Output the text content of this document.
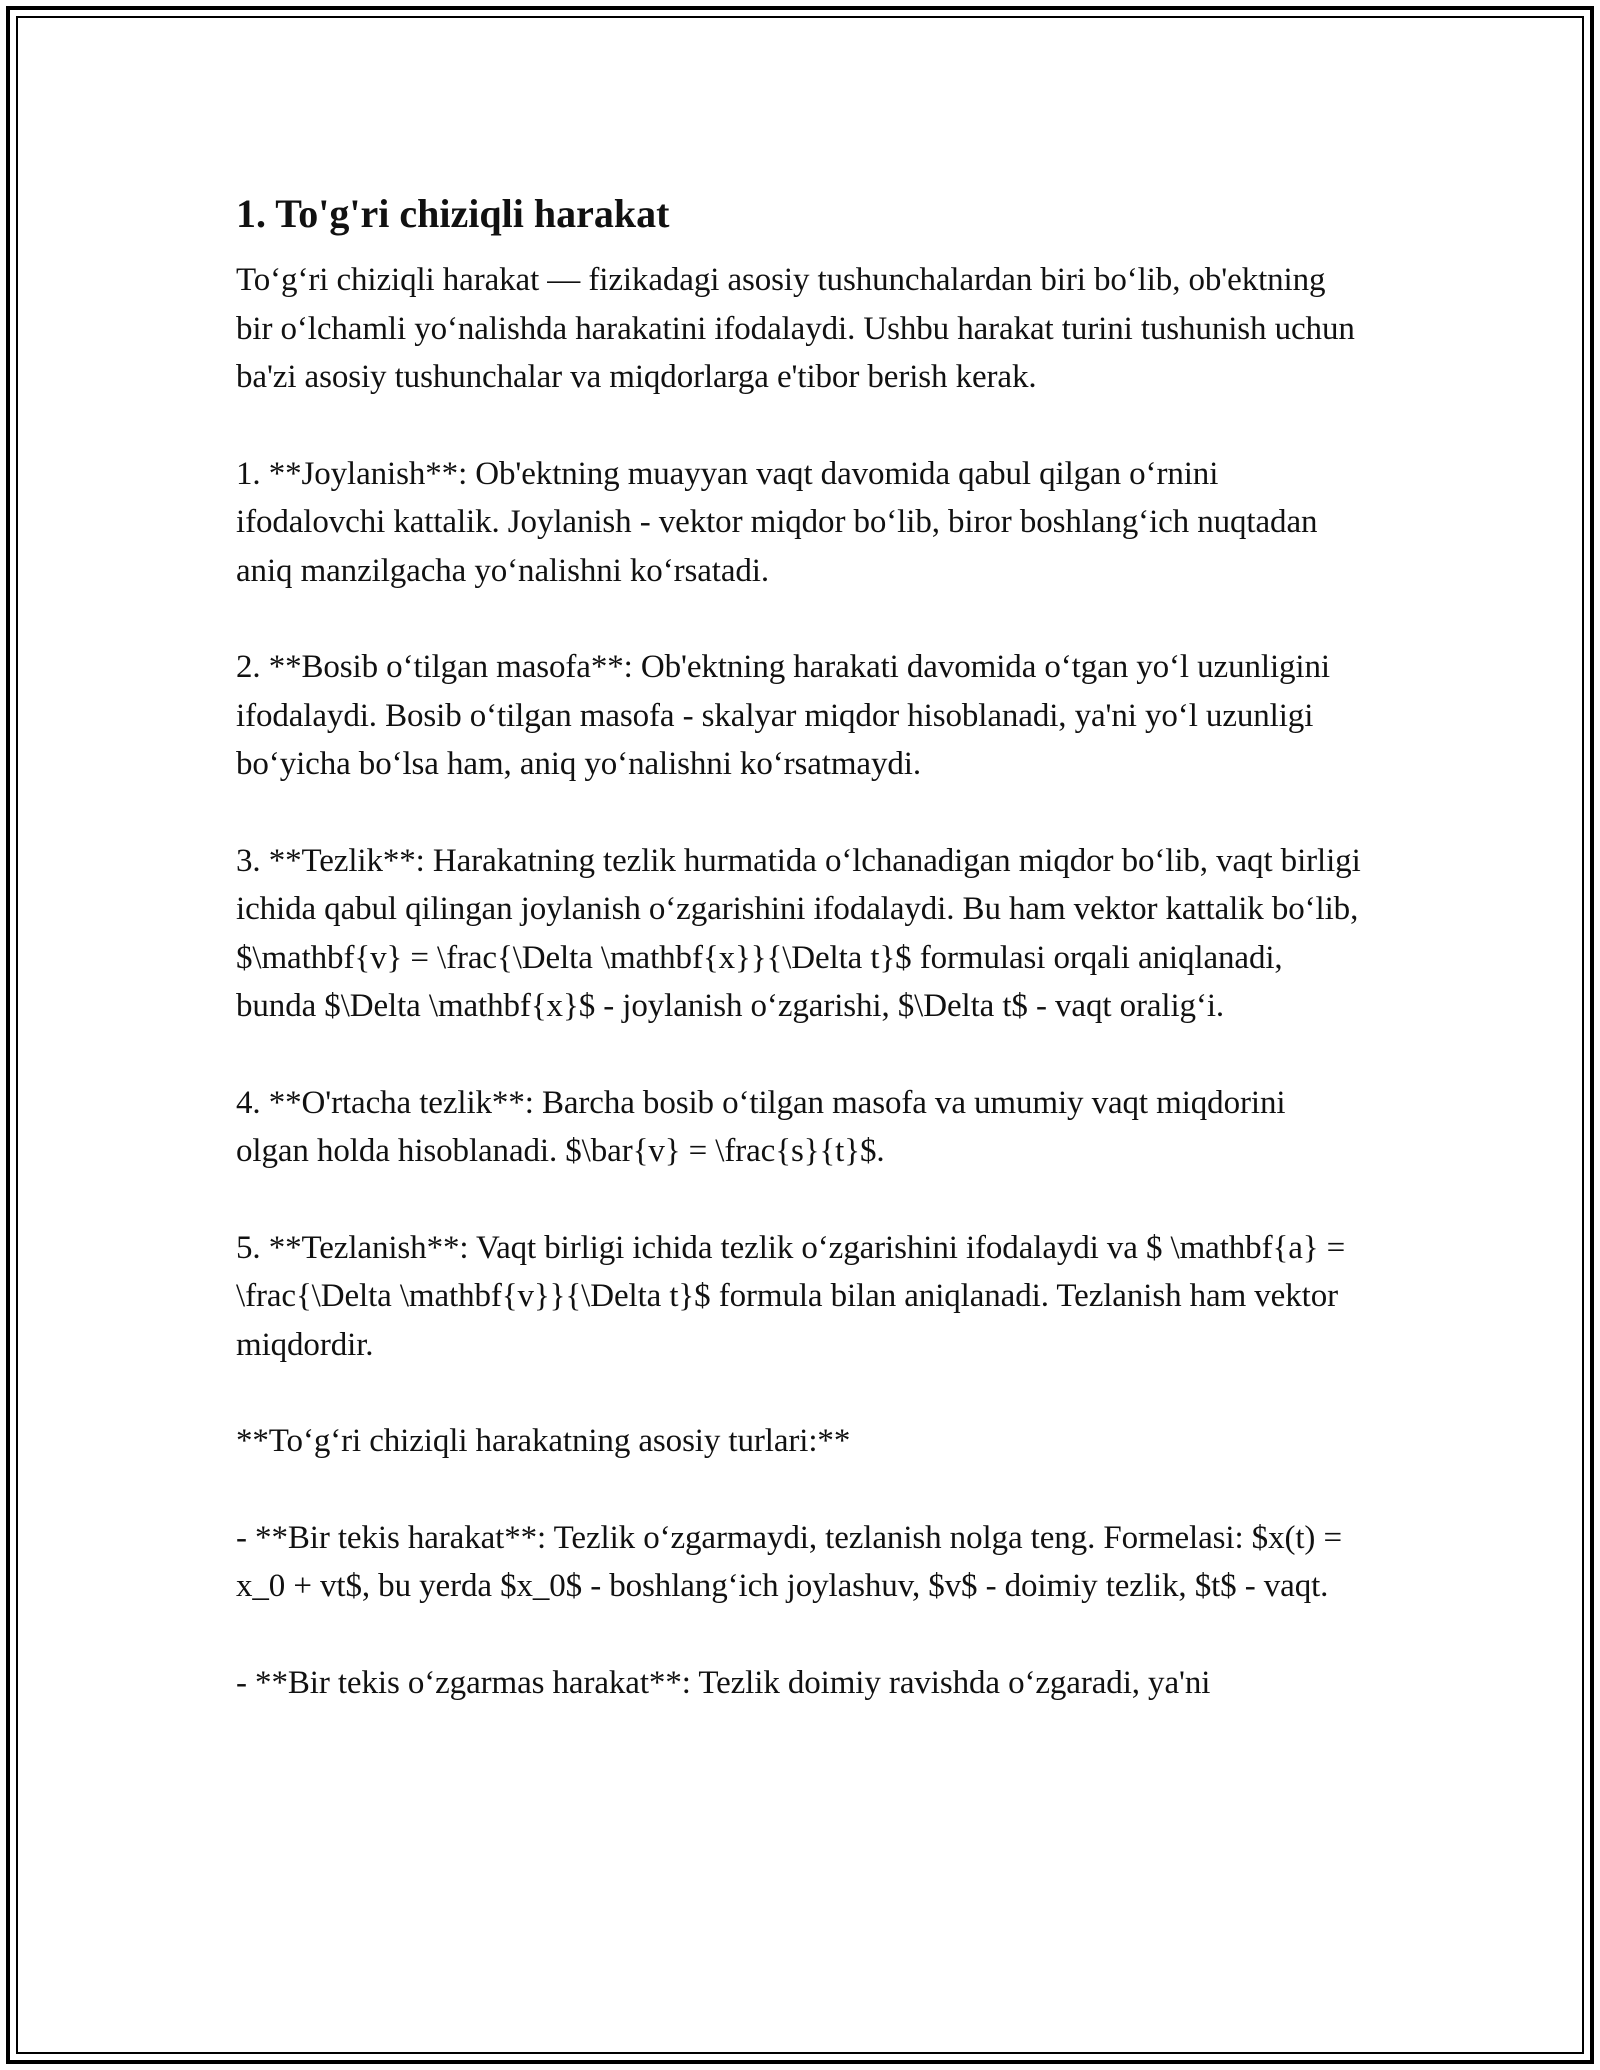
1. To'g'ri chiziqli harakat

To‘g‘ri chiziqli harakat — fizikadagi asosiy tushunchalardan biri bo‘lib, ob'ektning bir o‘lchamli yo‘nalishda harakatini ifodalaydi. Ushbu harakat turini tushunish uchun ba'zi asosiy tushunchalar va miqdorlarga e'tibor berish kerak.

1. **Joylanish**: Ob'ektning muayyan vaqt davomida qabul qilgan o‘rnini ifodalovchi kattalik. Joylanish - vektor miqdor bo‘lib, biror boshlang‘ich nuqtadan aniq manzilgacha yo‘nalishni ko‘rsatadi.

2. **Bosib o‘tilgan masofa**: Ob'ektning harakati davomida o‘tgan yo‘l uzunligini ifodalaydi. Bosib o‘tilgan masofa - skalyar miqdor hisoblanadi, ya'ni yo‘l uzunligi bo‘yicha bo‘lsa ham, aniq yo‘nalishni ko‘rsatmaydi.

3. **Tezlik**: Harakatning tezlik hurmatida o‘lchanadigan miqdor bo‘lib, vaqt birligi ichida qabul qilingan joylanish o‘zgarishini ifodalaydi. Bu ham vektor kattalik bo‘lib, $\mathbf{v} = \frac{\Delta \mathbf{x}}{\Delta t}$ formulasi orqali aniqlanadi, bunda $\Delta \mathbf{x}$ - joylanish o‘zgarishi, $\Delta t$ - vaqt oralig‘i.

4. **O'rtacha tezlik**: Barcha bosib o‘tilgan masofa va umumiy vaqt miqdorini olgan holda hisoblanadi. $\bar{v} = \frac{s}{t}$.

5. **Tezlanish**: Vaqt birligi ichida tezlik o‘zgarishini ifodalaydi va $ \mathbf{a} = \frac{\Delta \mathbf{v}}{\Delta t}$ formula bilan aniqlanadi. Tezlanish ham vektor miqdordir.

**To‘g‘ri chiziqli harakatning asosiy turlari:**

- **Bir tekis harakat**: Tezlik o‘zgarmaydi, tezlanish nolga teng. Formelasi: $x(t) = x_0 + vt$, bu yerda $x_0$ - boshlang‘ich joylashuv, $v$ - doimiy tezlik, $t$ - vaqt.

- **Bir tekis o‘zgarmas harakat**: Tezlik doimiy ravishda o‘zgaradi, ya'ni
